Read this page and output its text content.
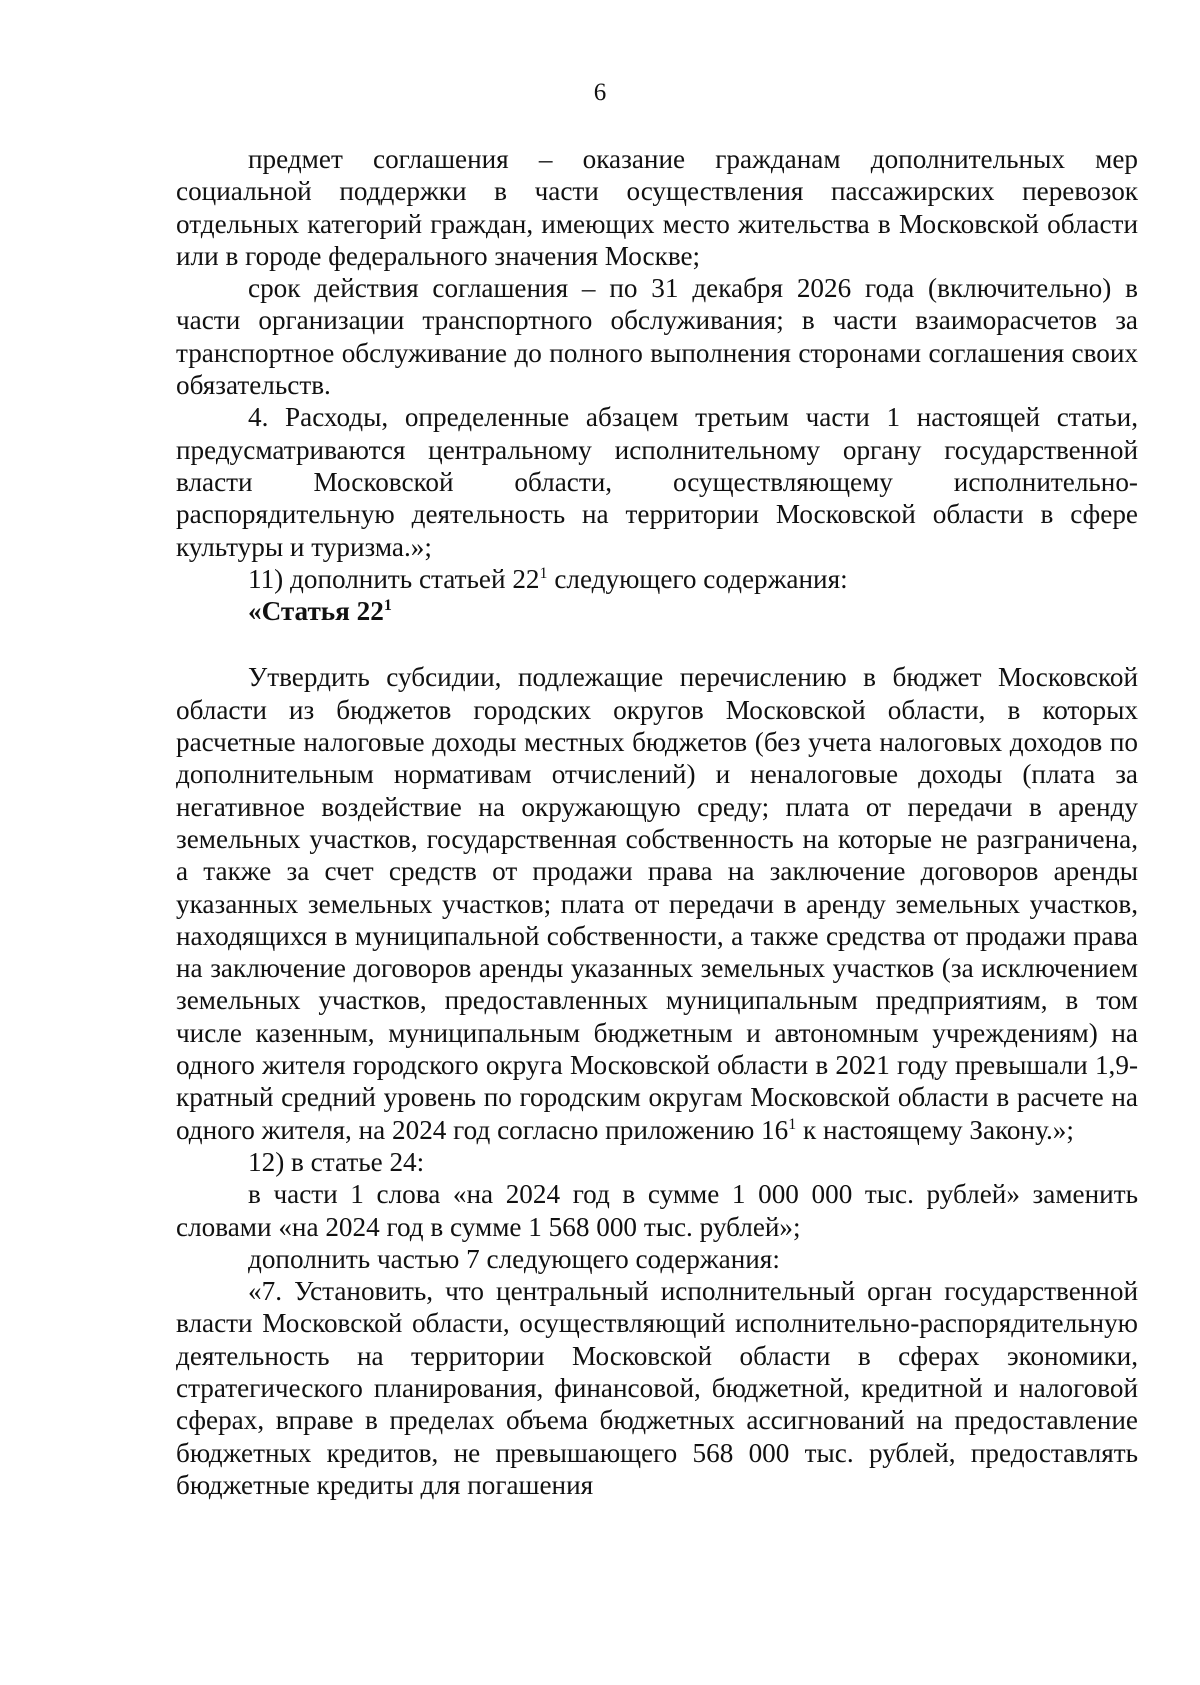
6

предмет соглашения – оказание гражданам дополнительных мер социальной поддержки в части осуществления пассажирских перевозок отдельных категорий граждан, имеющих место жительства в Московской области или в городе федерального значения Москве;

срок действия соглашения – по 31 декабря 2026 года (включительно) в части организации транспортного обслуживания; в части взаиморасчетов за транспортное обслуживание до полного выполнения сторонами соглашения своих обязательств.

4. Расходы, определенные абзацем третьим части 1 настоящей статьи, предусматриваются центральному исполнительному органу государственной власти Московской области, осуществляющему исполнительно-распорядительную деятельность на территории Московской области в сфере культуры и туризма.»;

11) дополнить статьей $22^1$ следующего содержания:

«Статья $22^1$

Утвердить субсидии, подлежащие перечислению в бюджет Московской области из бюджетов городских округов Московской области, в которых расчетные налоговые доходы местных бюджетов (без учета налоговых доходов по дополнительным нормативам отчислений) и неналоговые доходы (плата за негативное воздействие на окружающую среду; плата от передачи в аренду земельных участков, государственная собственность на которые не разграничена, а также за счет средств от продажи права на заключение договоров аренды указанных земельных участков; плата от передачи в аренду земельных участков, находящихся в муниципальной собственности, а также средства от продажи права на заключение договоров аренды указанных земельных участков (за исключением земельных участков, предоставленных муниципальным предприятиям, в том числе казенным, муниципальным бюджетным и автономным учреждениям) на одного жителя городского округа Московской области в 2021 году превышали 1,9-кратный средний уровень по городским округам Московской области в расчете на одного жителя, на 2024 год согласно приложению $16^1$ к настоящему Закону.»;

12) в статье 24:

в части 1 слова «на 2024 год в сумме 1 000 000 тыс. рублей» заменить словами «на 2024 год в сумме 1 568 000 тыс. рублей»;

дополнить частью 7 следующего содержания:

«7. Установить, что центральный исполнительный орган государственной власти Московской области, осуществляющий исполнительно-распорядительную деятельность на территории Московской области в сферах экономики, стратегического планирования, финансовой, бюджетной, кредитной и налоговой сферах, вправе в пределах объема бюджетных ассигнований на предоставление бюджетных кредитов, не превышающего 568 000 тыс. рублей, предоставлять бюджетные кредиты для погашения
